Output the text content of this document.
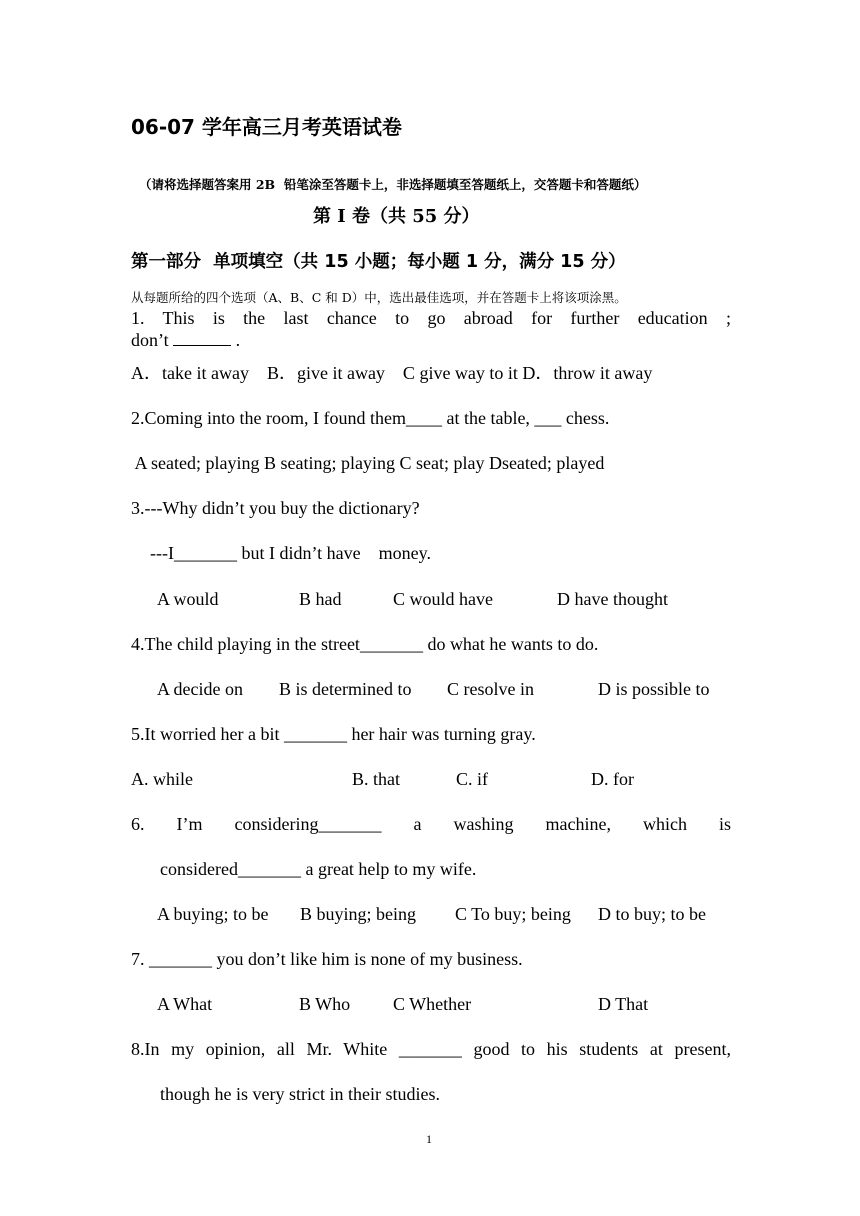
06-07 学年高三月考英语试卷
（请将选择题答案用 2B  铅笔涂至答题卡上，非选择题填至答题纸上，交答题卡和答题纸）
第 I 卷（共 55 分）
第一部分  单项填空（共 15 小题；每小题 1 分，满分 15 分）
从每题所给的四个选项（A、B、C 和 D）中，选出最佳选项，并在答题卡上将该项涂黑。
1. This is the last chance to go abroad for further education ;
don’t	.
A．take it away    B．give it away    C give way to it D．throw it away
2.Coming into the room, I found them____ at the table, ___ chess.
A seated; playing B seating; playing C seat; play Dseated; played
3.---Why didn’t you buy the dictionary?
---I_______ but I didn’t have    money.
A would	B had	C would have	D have thought
4.The child playing in the street_______ do what he wants to do.
A decide on B is determined to C resolve in	D is possible to
5.It worried her a bit _______ her hair was turning gray.
A. while	B. that	C. if	D. for
6. I’m considering_______ a washing machine, which is
considered_______ a great help to my wife.
A buying; to be B buying; being C To buy; being D to buy; to be
7. _______ you don’t like him is none of my business.
A What	B Who C Whether	D That
8.In my opinion, all Mr. White _______ good to his students at present,
though he is very strict in their studies.
1
